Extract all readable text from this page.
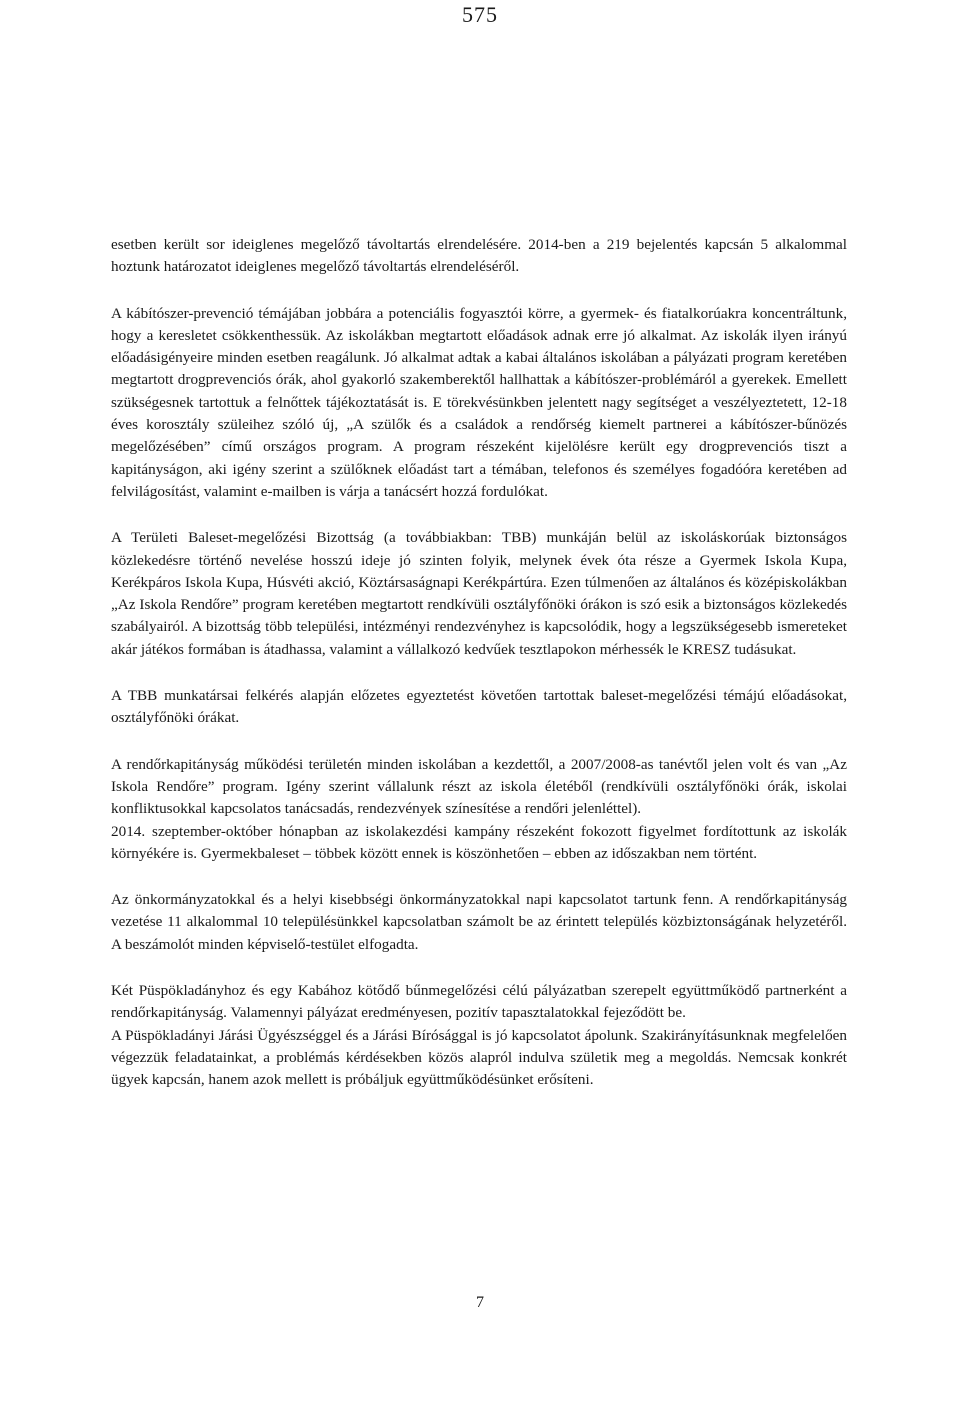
575

esetben került sor ideiglenes megelőző távoltartás elrendelésére. 2014-ben a 219 bejelentés kapcsán 5 alkalommal hoztunk határozatot ideiglenes megelőző távoltartás elrendeléséről.

A kábítószer-prevenció témájában jobbára a potenciális fogyasztói körre, a gyermek- és fiatalkorúakra koncentráltunk, hogy a keresletet csökkenthessük. Az iskolákban megtartott előadások adnak erre jó alkalmat. Az iskolák ilyen irányú előadásigényeire minden esetben reagálunk. Jó alkalmat adtak a kabai általános iskolában a pályázati program keretében megtartott drogprevenciós órák, ahol gyakorló szakemberektől hallhattak a kábítószer-problémáról a gyerekek. Emellett szükségesnek tartottuk a felnőttek tájékoztatását is. E törekvésünkben jelentett nagy segítséget a veszélyeztetett, 12-18 éves korosztály szüleihez szóló új, „A szülők és a családok a rendőrség kiemelt partnerei a kábítószer-bűnözés megelőzésében” című országos program. A program részeként kijelölésre került egy drogprevenciós tiszt a kapitányságon, aki igény szerint a szülőknek előadást tart a témában, telefonos és személyes fogadóóra keretében ad felvilágosítást, valamint e-mailben is várja a tanácsért hozzá fordulókat.

A Területi Baleset-megelőzési Bizottság (a továbbiakban: TBB) munkáján belül az iskoláskorúak biztonságos közlekedésre történő nevelése hosszú ideje jó szinten folyik, melynek évek óta része a Gyermek Iskola Kupa, Kerékpáros Iskola Kupa, Húsvéti akció, Köztársaságnapi Kerékpártúra. Ezen túlmenően az általános és középiskolákban „Az Iskola Rendőre” program keretében megtartott rendkívüli osztályfőnöki órákon is szó esik a biztonságos közlekedés szabályairól. A bizottság több települési, intézményi rendezvényhez is kapcsolódik, hogy a legszükségesebb ismereteket akár játékos formában is átadhassa, valamint a vállalkozó kedvűek tesztlapokon mérhessék le KRESZ tudásukat.

A TBB munkatársai felkérés alapján előzetes egyeztetést követően tartottak baleset-megelőzési témájú előadásokat, osztályfőnöki órákat.

A rendőrkapitányság működési területén minden iskolában a kezdettől, a 2007/2008-as tanévtől jelen volt és van „Az Iskola Rendőre” program. Igény szerint vállalunk részt az iskola életéből (rendkívüli osztályfőnöki órák, iskolai konfliktusokkal kapcsolatos tanácsadás, rendezvények színesítése a rendőri jelenléttel).

2014. szeptember-október hónapban az iskolakezdési kampány részeként fokozott figyelmet fordítottunk az iskolák környékére is. Gyermekbaleset – többek között ennek is köszönhetően – ebben az időszakban nem történt.

Az önkormányzatokkal és a helyi kisebbségi önkormányzatokkal napi kapcsolatot tartunk fenn. A rendőrkapitányság vezetése 11 alkalommal 10 településünkkel kapcsolatban számolt be az érintett település közbiztonságának helyzetéről. A beszámolót minden képviselő-testület elfogadta.

Két Püspökladányhoz és egy Kabához kötődő bűnmegelőzési célú pályázatban szerepelt együttműködő partnerként a rendőrkapitányság. Valamennyi pályázat eredményesen, pozitív tapasztalatokkal fejeződött be.

A Püspökladányi Járási Ügyészséggel és a Járási Bírósággal is jó kapcsolatot ápolunk. Szakirányításunknak megfelelően végezzük feladatainkat, a problémás kérdésekben közös alapról indulva születik meg a megoldás. Nemcsak konkrét ügyek kapcsán, hanem azok mellett is próbáljuk együttműködésünket erősíteni.

7
